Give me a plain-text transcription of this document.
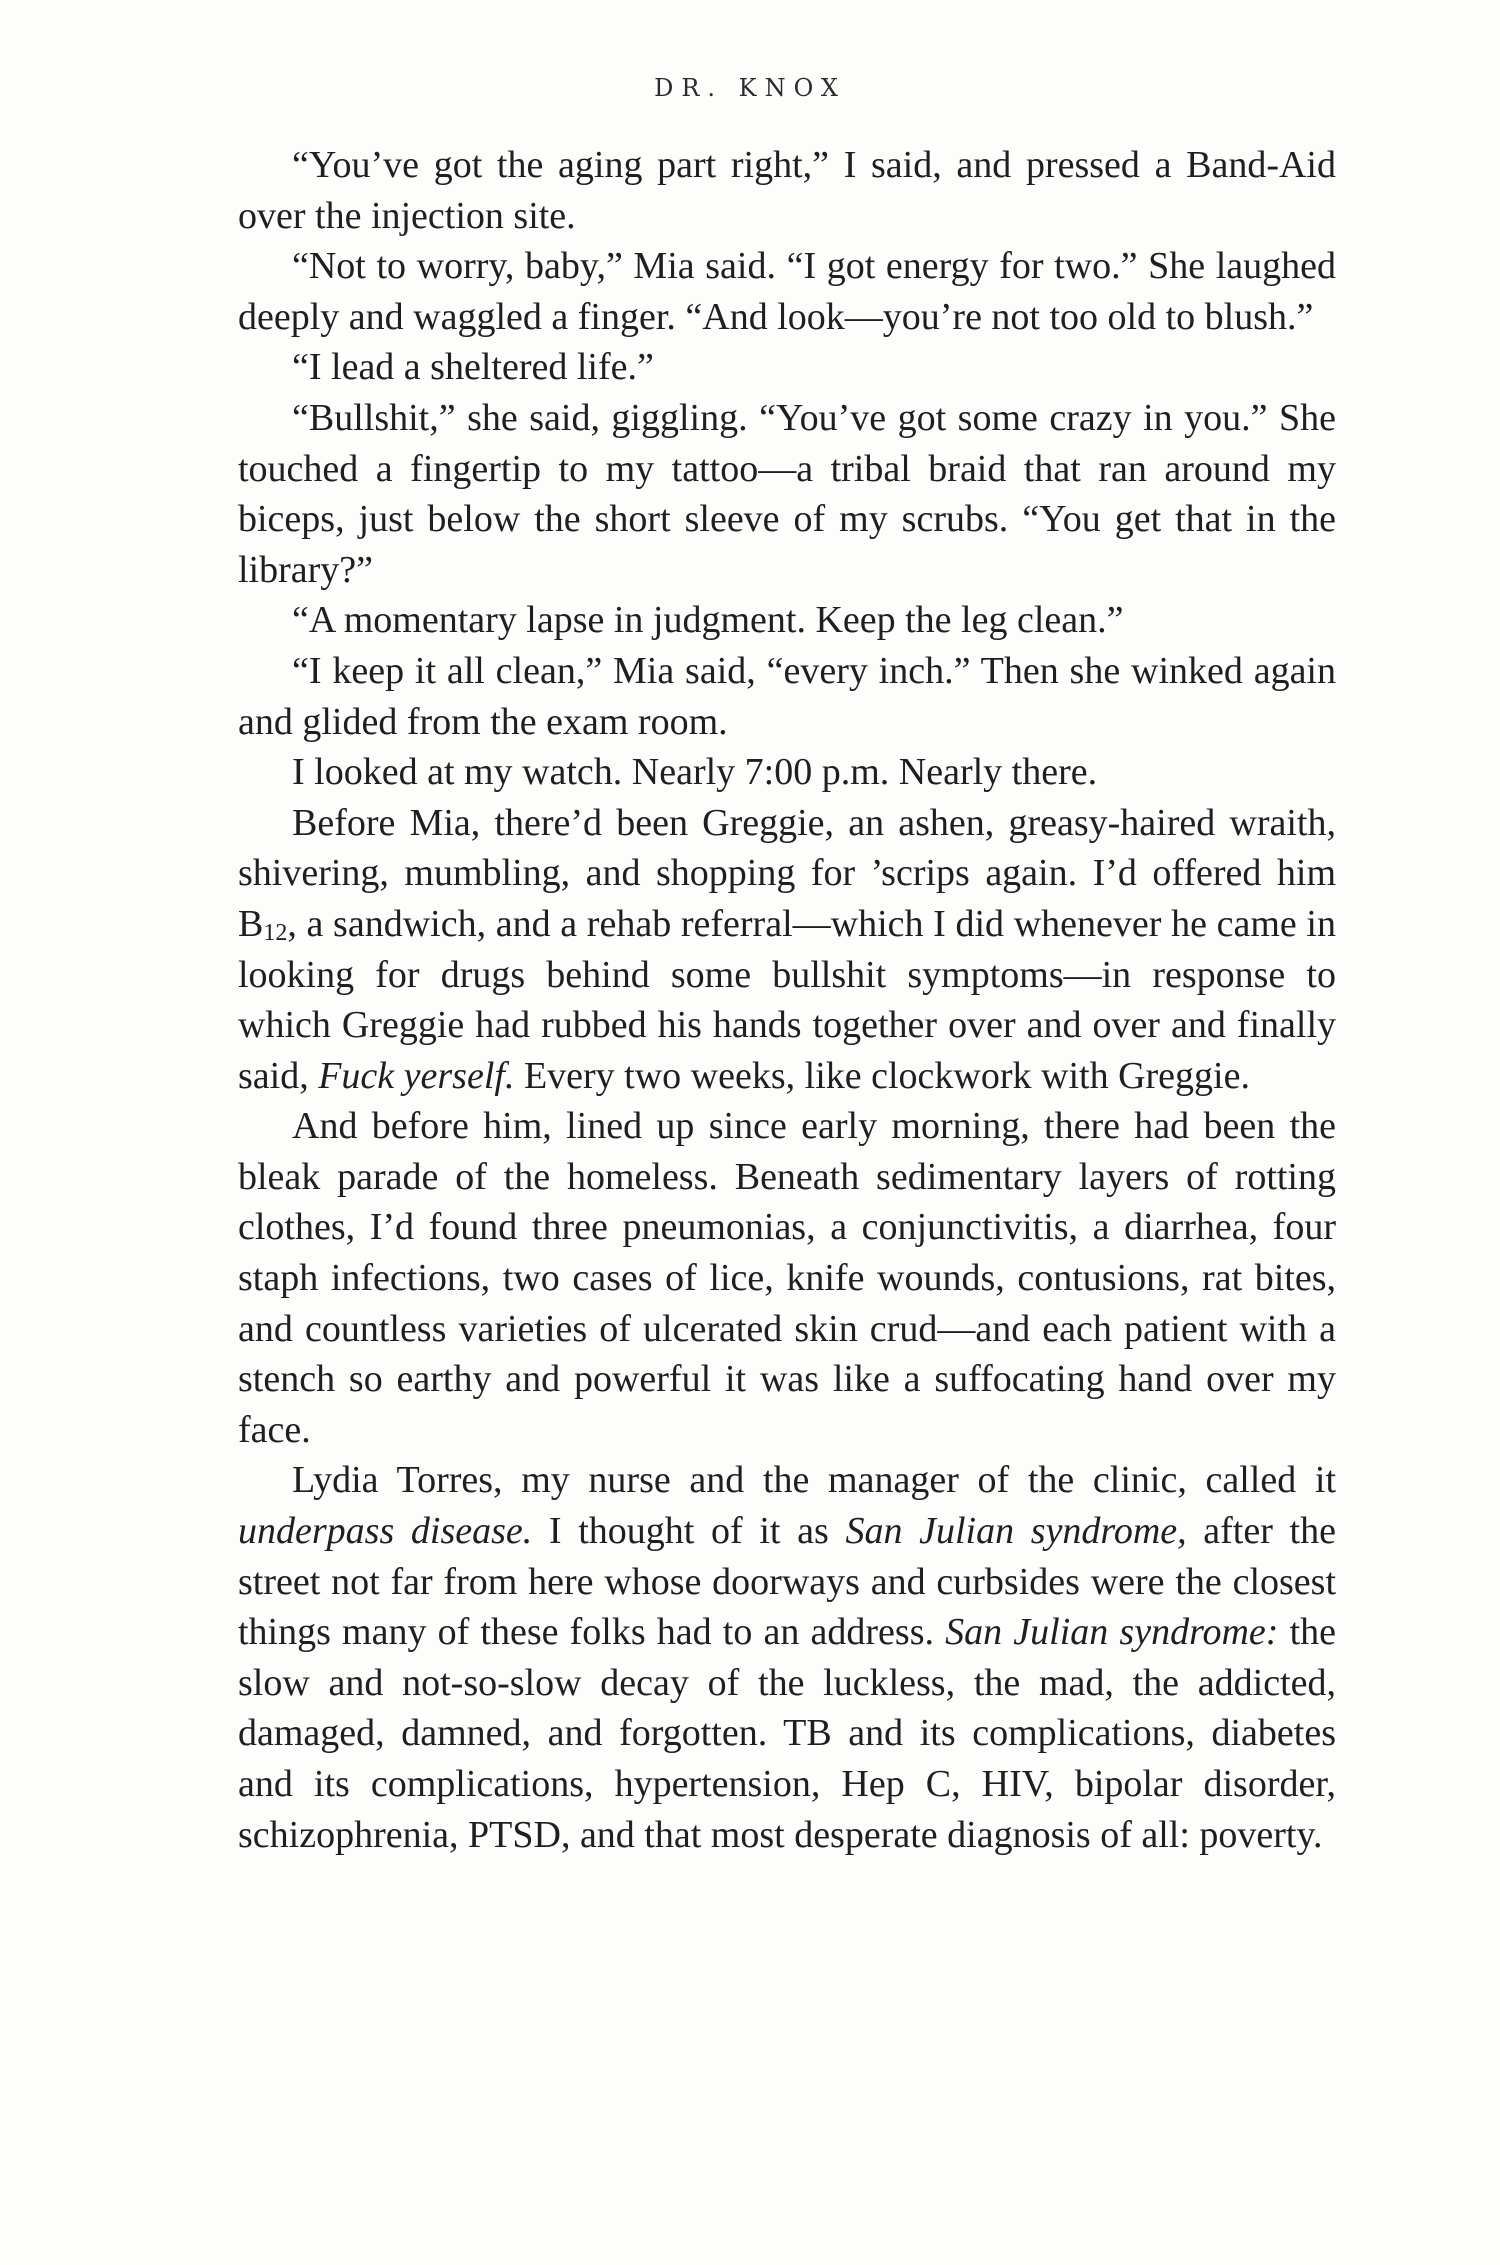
DR. KNOX

“You’ve got the aging part right,” I said, and pressed a Band-Aid over the injection site.

“Not to worry, baby,” Mia said. “I got energy for two.” She laughed deeply and waggled a finger. “And look—you’re not too old to blush.”

“I lead a sheltered life.”

“Bullshit,” she said, giggling. “You’ve got some crazy in you.” She touched a fingertip to my tattoo—a tribal braid that ran around my biceps, just below the short sleeve of my scrubs. “You get that in the library?”

“A momentary lapse in judgment. Keep the leg clean.”

“I keep it all clean,” Mia said, “every inch.” Then she winked again and glided from the exam room.

I looked at my watch. Nearly 7:00 p.m. Nearly there.

Before Mia, there’d been Greggie, an ashen, greasy-haired wraith, shivering, mumbling, and shopping for ’scrips again. I’d offered him B12, a sandwich, and a rehab referral—which I did whenever he came in looking for drugs behind some bullshit symptoms—in response to which Greggie had rubbed his hands together over and over and finally said, Fuck yerself. Every two weeks, like clockwork with Greggie.

And before him, lined up since early morning, there had been the bleak parade of the homeless. Beneath sedimentary layers of rotting clothes, I’d found three pneumonias, a conjunctivitis, a diarrhea, four staph infections, two cases of lice, knife wounds, contusions, rat bites, and countless varieties of ulcerated skin crud—and each patient with a stench so earthy and powerful it was like a suffocating hand over my face.

Lydia Torres, my nurse and the manager of the clinic, called it underpass disease. I thought of it as San Julian syndrome, after the street not far from here whose doorways and curbsides were the closest things many of these folks had to an address. San Julian syndrome: the slow and not-so-slow decay of the luckless, the mad, the addicted, damaged, damned, and forgotten. TB and its complications, diabetes and its complications, hypertension, Hep C, HIV, bipolar disorder, schizophrenia, PTSD, and that most desperate diagnosis of all: poverty.
